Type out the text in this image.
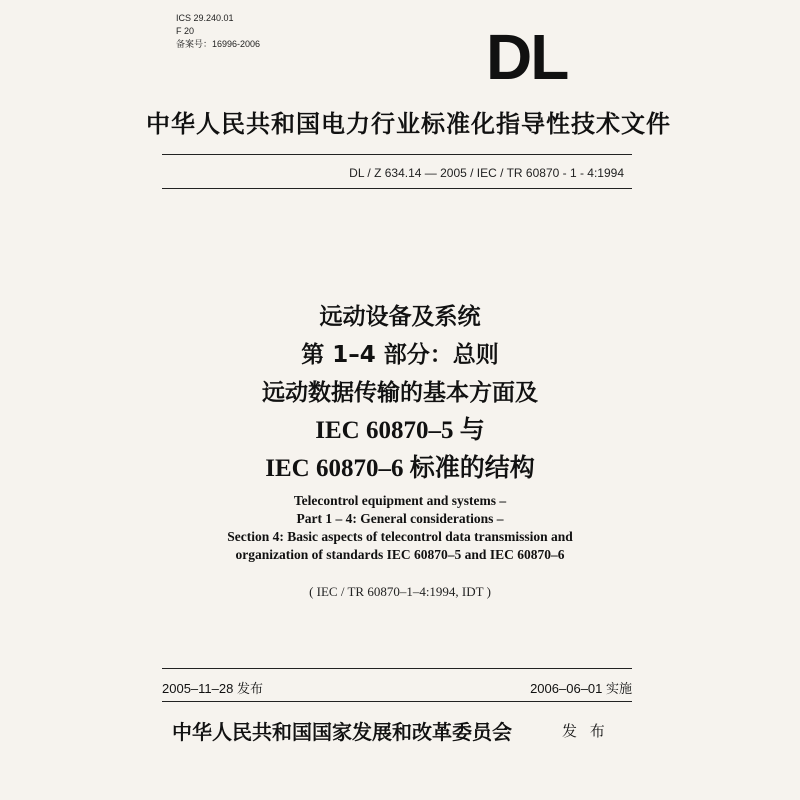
ICS 29.240.01
F 20
备案号：16996-2006	DL
中华人民共和国电力行业标准化指导性技术文件
DL / Z 634.14 — 2005 / IEC / TR 60870 - 1 - 4:1994
远动设备及系统
第 1–4 部分：总则
远动数据传输的基本方面及
IEC 60870–5 与
IEC 60870–6 标准的结构
Telecontrol equipment and systems –
Part 1 – 4: General considerations –
Section 4: Basic aspects of telecontrol data transmission and
organization of standards IEC 60870–5 and IEC 60870–6
( IEC / TR 60870–1–4:1994, IDT )
2005–11–28 发布	2006–06–01 实施
中华人民共和国国家发展和改革委员会	发 布
